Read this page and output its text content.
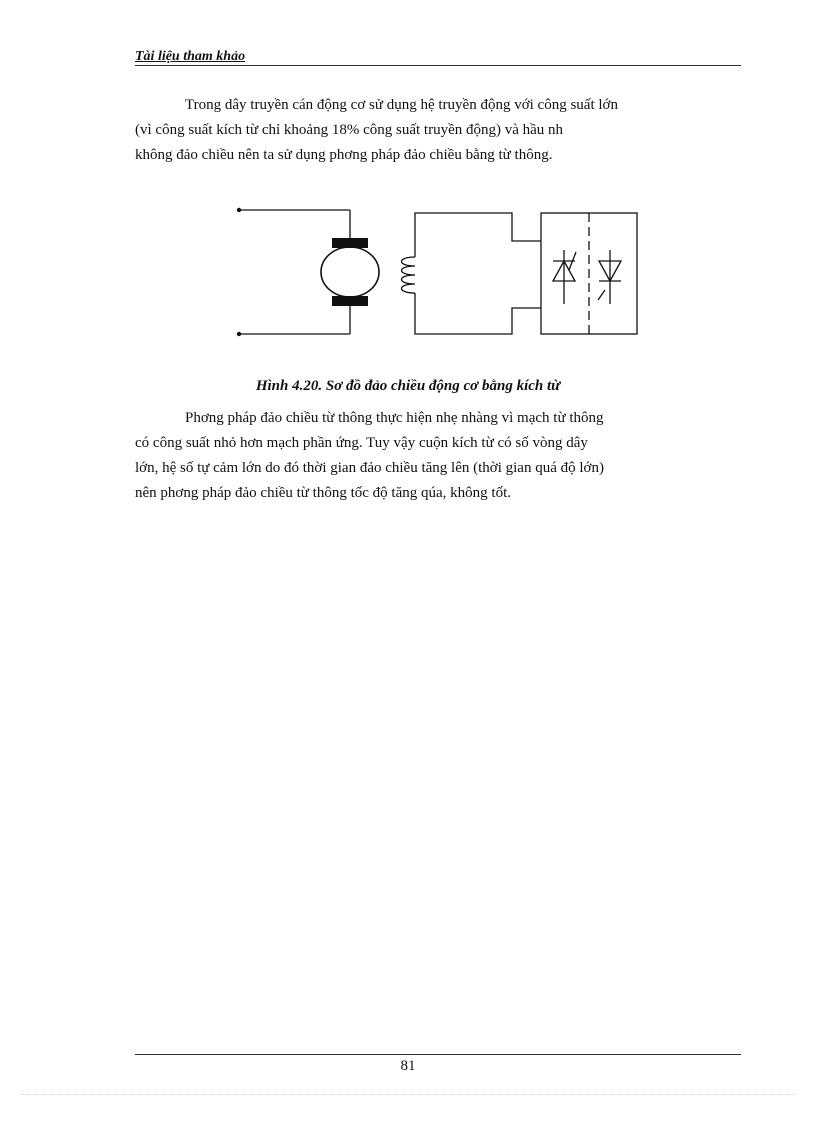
Tài liệu tham khảo

Trong dây truyền cán động cơ sử dụng hệ truyền động với công suất lớn
(vì công suất kích từ chỉ khoảng 18% công suất truyền động) và hầu nh
không đảo chiều nên ta sử dụng phơng pháp đảo chiều bằng từ thông.

Hình 4.20. Sơ đồ đảo chiều động cơ bằng kích từ

Phơng pháp đảo chiều từ thông thực hiện nhẹ nhàng vì mạch từ thông
có công suất nhỏ hơn mạch phần ứng. Tuy vậy cuộn kích từ có số vòng dây
lớn, hệ số tự cảm lớn do đó thời gian đảo chiều tăng lên (thời gian quá độ lớn)
nên phơng pháp đảo chiều từ thông tốc độ tăng qúa, không tốt.

81
